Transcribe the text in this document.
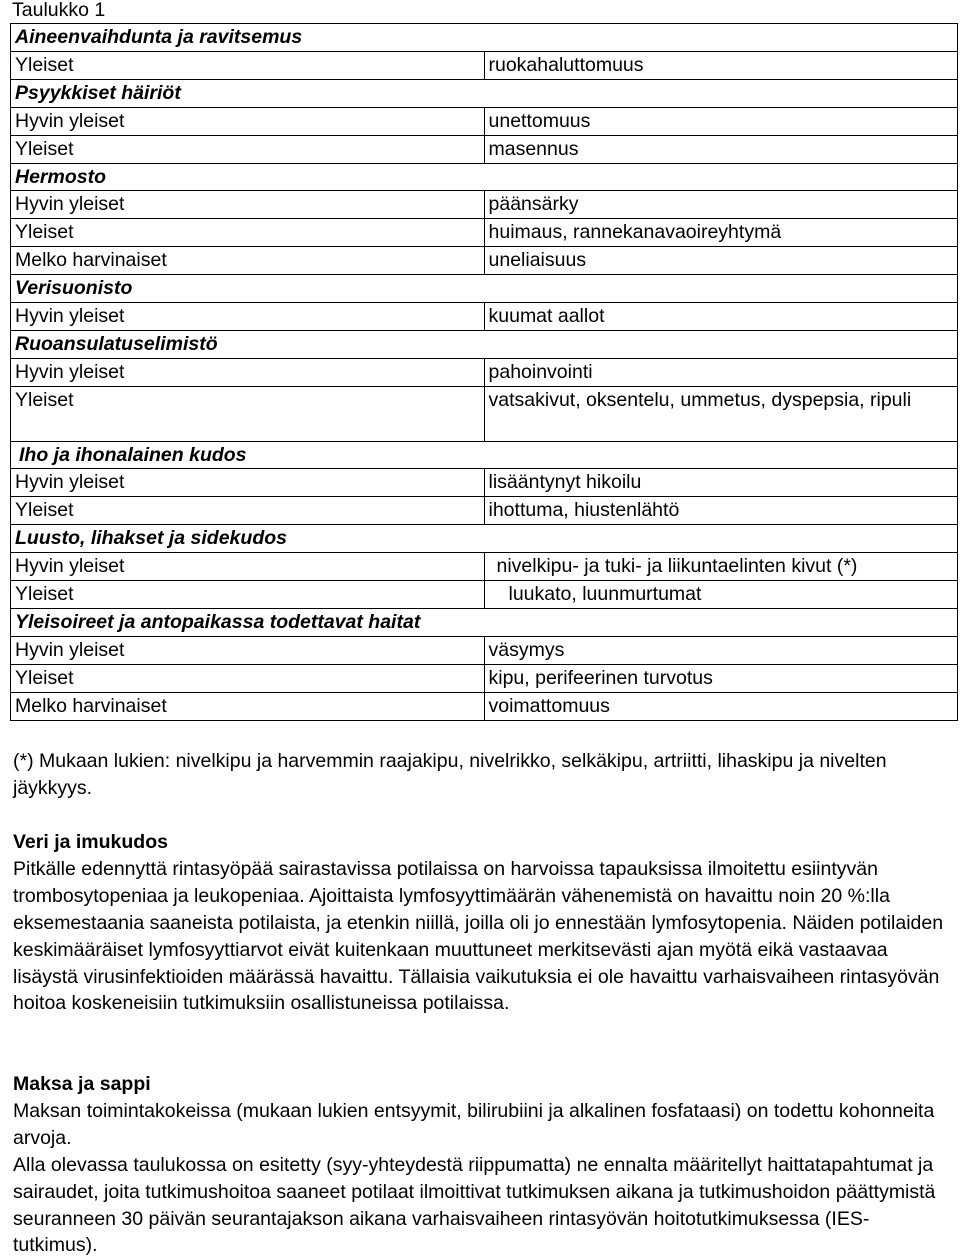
Taulukko 1
Aineenvaihdunta ja ravitsemus	
Yleiset	ruokahaluttomuus
Psyykkiset häiriöt	
Hyvin yleiset	unettomuus
Yleiset	masennus
Hermosto	
Hyvin yleiset	päänsärky
Yleiset	huimaus, rannekanavaoireyhtymä
Melko harvinaiset	uneliaisuus
Verisuonisto	
Hyvin yleiset	kuumat aallot
Ruoansulatuselimistö	
Hyvin yleiset	pahoinvointi
Yleiset	vatsakivut, oksentelu, ummetus, dyspepsia, ripuli
Iho ja ihonalainen kudos	
Hyvin yleiset	lisääntynyt hikoilu
Yleiset	ihottuma, hiustenlähtö
Luusto, lihakset ja sidekudos	
Hyvin yleiset	nivelkipu- ja tuki- ja liikuntaelinten kivut (*)
Yleiset	luukato, luunmurtumat
Yleisoireet ja antopaikassa todettavat haitat	
Hyvin yleiset	väsymys
Yleiset	kipu, perifeerinen turvotus
Melko harvinaiset	voimattomuus
(*) Mukaan lukien: nivelkipu ja harvemmin raajakipu, nivelrikko, selkäkipu, artriitti, lihaskipu ja nivelten jäykkyys.

Veri ja imukudos

Pitkälle edennyttä rintasyöpää sairastavissa potilaissa on harvoissa tapauksissa ilmoitettu esiintyvän trombosytopeniaa ja leukopeniaa. Ajoittaista lymfosyyttimäärän vähenemistä on havaittu noin 20 %:lla eksemestaania saaneista potilaista, ja etenkin niillä, joilla oli jo ennestään lymfosytopenia. Näiden potilaiden keskimääräiset lymfosyyttiarvot eivät kuitenkaan muuttuneet merkitsevästi ajan myötä eikä vastaavaa lisäystä virusinfektioiden määrässä havaittu. Tällaisia vaikutuksia ei ole havaittu varhaisvaiheen rintasyövän hoitoa koskeneisiin tutkimuksiin osallistuneissa potilaissa.

Maksa ja sappi

Maksan toimintakokeissa (mukaan lukien entsyymit, bilirubiini ja alkalinen fosfataasi) on todettu kohonneita arvoja.

Alla olevassa taulukossa on esitetty (syy-yhteydestä riippumatta) ne ennalta määritellyt haittatapahtumat ja sairaudet, joita tutkimushoitoa saaneet potilaat ilmoittivat tutkimuksen aikana ja tutkimushoidon päättymistä seuranneen 30 päivän seurantajakson aikana varhaisvaiheen rintasyövän hoitotutkimuksessa (IES-tutkimus).
